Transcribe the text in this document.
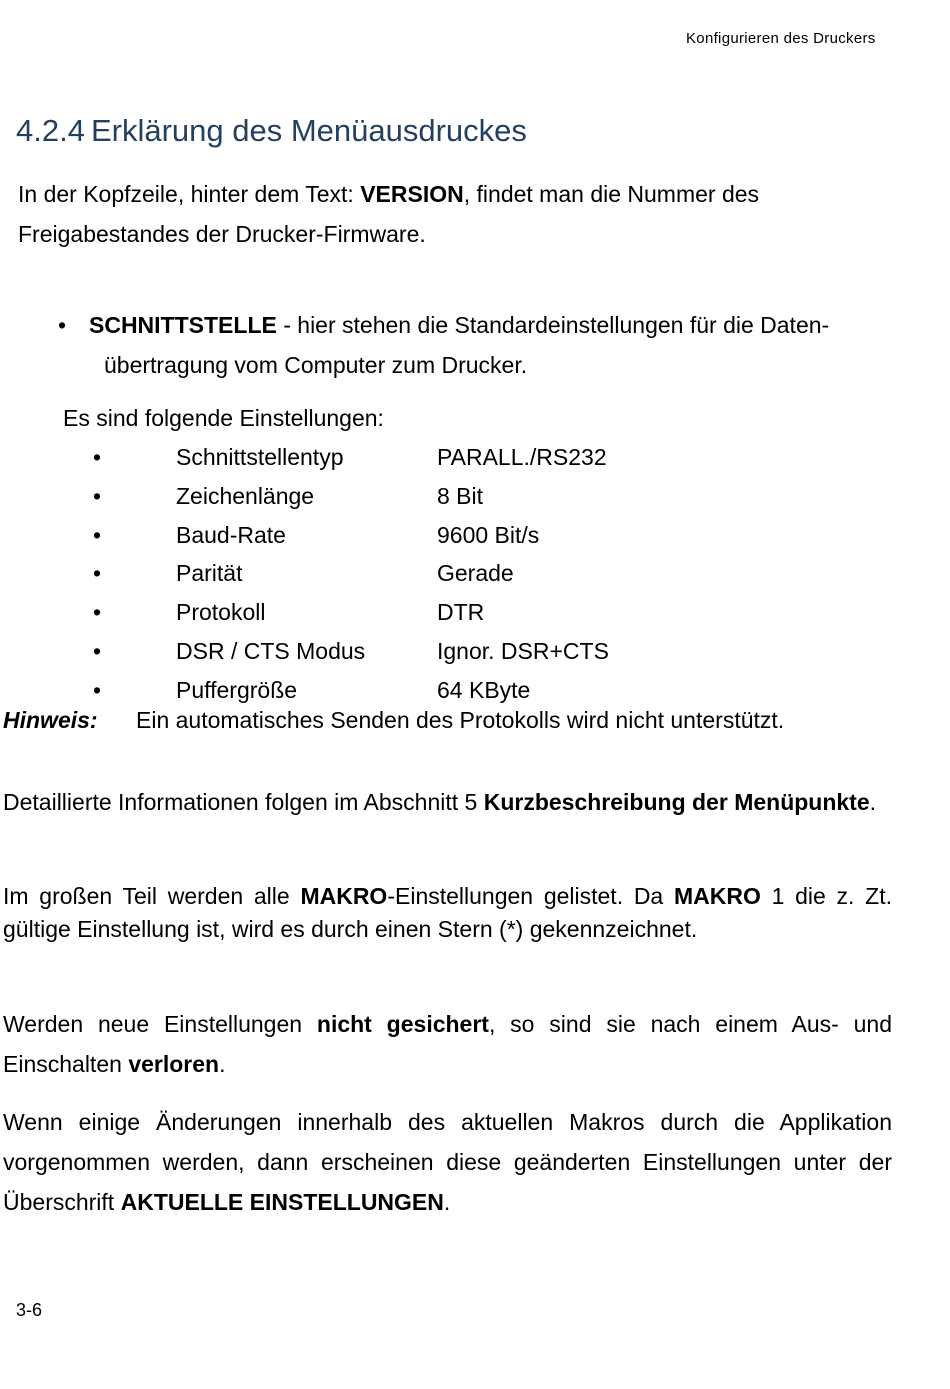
Konfigurieren des Druckers
4.2.4 Erklärung des Menüausdruckes

In der Kopfzeile, hinter dem Text: VERSION, findet man die Nummer des Freigabestandes der Drucker-Firmware.

• SCHNITTSTELLE - hier stehen die Standardeinstellungen für die Daten-
übertragung vom Computer zum Drucker.
Es sind folgende Einstellungen:
•	Schnittstellentyp	PARALL./RS232
•	Zeichenlänge	8 Bit
•	Baud-Rate	9600 Bit/s
•	Parität	Gerade
•	Protokoll	DTR
•	DSR / CTS Modus	Ignor. DSR+CTS
•	Puffergröße	64 KByte
Hinweis: Ein automatisches Senden des Protokolls wird nicht unterstützt.

Detaillierte Informationen folgen im Abschnitt 5 Kurzbeschreibung der Menüpunkte.

Im großen Teil werden alle MAKRO-Einstellungen gelistet. Da MAKRO 1 die z. Zt. gültige Einstellung ist, wird es durch einen Stern (*) gekennzeichnet.

Werden neue Einstellungen nicht gesichert, so sind sie nach einem Aus- und Einschalten verloren.

Wenn einige Änderungen innerhalb des aktuellen Makros durch die Applikation vorgenommen werden, dann erscheinen diese geänderten Einstellungen unter der Überschrift AKTUELLE EINSTELLUNGEN.

3-6
